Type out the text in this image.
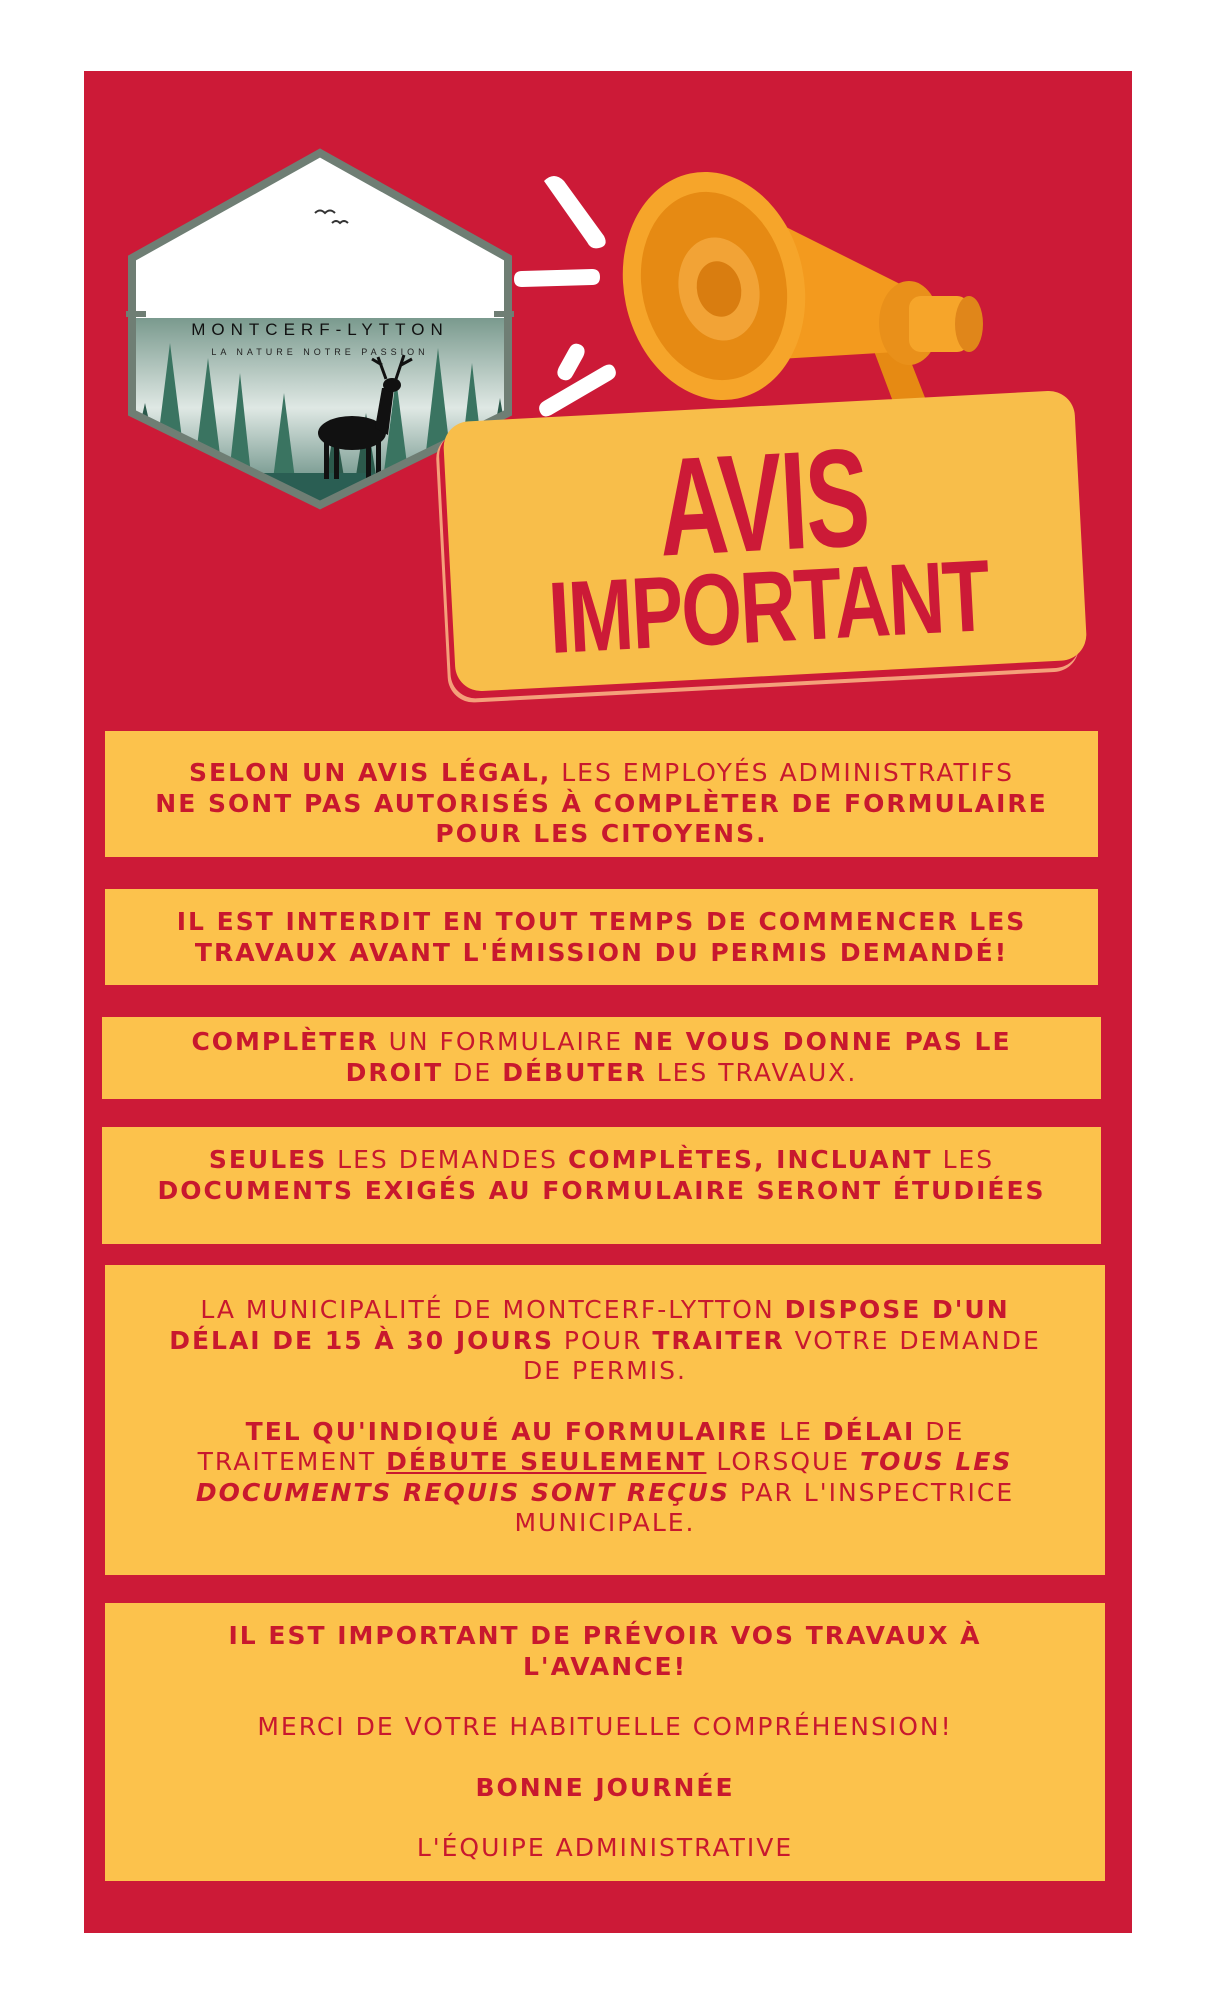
MONTCERF-LYTTON
LA NATURE NOTRE PASSION
AVIS
IMPORTANT

SELON UN AVIS LÉGAL, LES EMPLOYÉS ADMINISTRATIFS

NE SONT PAS AUTORISÉS À COMPLÈTER DE FORMULAIRE

POUR LES CITOYENS.

IL EST INTERDIT EN TOUT TEMPS DE COMMENCER LES

TRAVAUX AVANT L'ÉMISSION DU PERMIS DEMANDÉ!

COMPLÈTER UN FORMULAIRE NE VOUS DONNE PAS LE

DROIT DE DÉBUTER LES TRAVAUX.

SEULES LES DEMANDES COMPLÈTES, INCLUANT LES

DOCUMENTS EXIGÉS AU FORMULAIRE SERONT ÉTUDIÉES

LA MUNICIPALITÉ DE MONTCERF-LYTTON DISPOSE D'UN

DÉLAI DE 15 À 30 JOURS POUR TRAITER VOTRE DEMANDE

DE PERMIS.

TEL QU'INDIQUÉ AU FORMULAIRE LE DÉLAI DE

TRAITEMENT DÉBUTE SEULEMENT LORSQUE TOUS LES

DOCUMENTS REQUIS SONT REÇUS PAR L'INSPECTRICE

MUNICIPALE.

IL EST IMPORTANT DE PRÉVOIR VOS TRAVAUX À

L'AVANCE!

MERCI DE VOTRE HABITUELLE COMPRÉHENSION!

BONNE JOURNÉE

L'ÉQUIPE ADMINISTRATIVE
